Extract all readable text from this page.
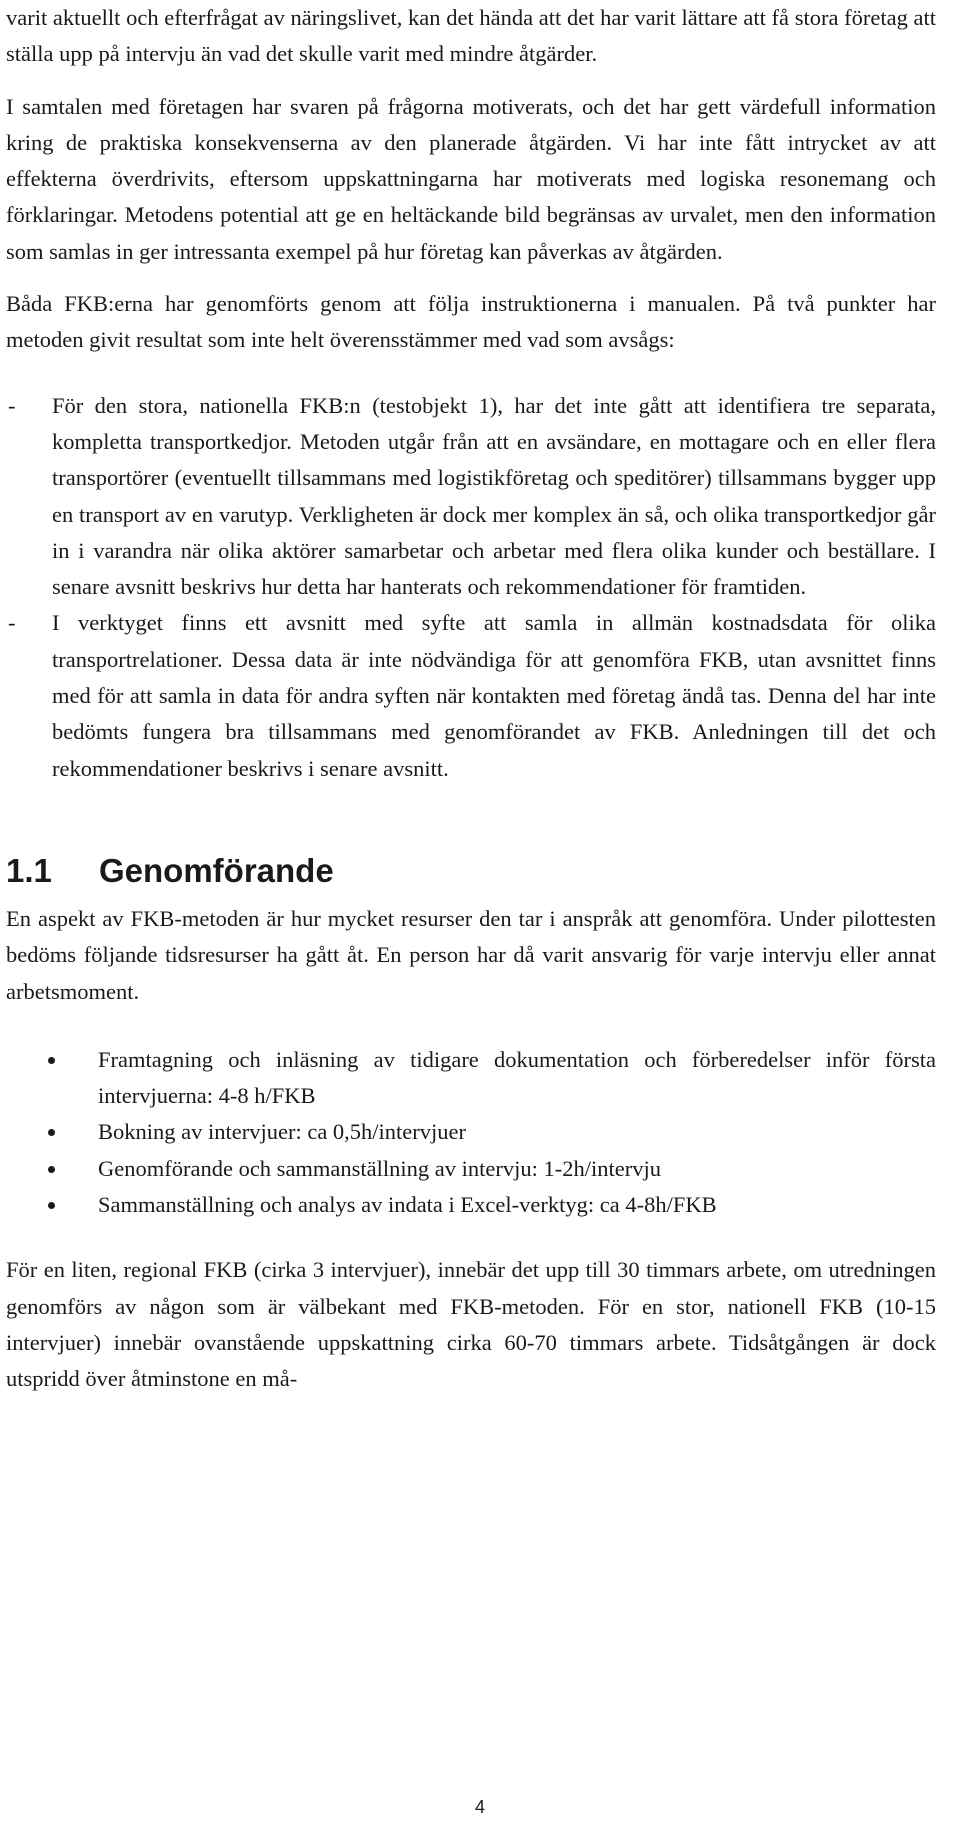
varit aktuellt och efterfrågat av näringslivet, kan det hända att det har varit lättare att få stora företag att ställa upp på intervju än vad det skulle varit med mindre åtgärder.

I samtalen med företagen har svaren på frågorna motiverats, och det har gett värdefull information kring de praktiska konsekvenserna av den planerade åtgärden. Vi har inte fått intrycket av att effekterna överdrivits, eftersom uppskattningarna har motiverats med logiska resonemang och förklaringar. Metodens potential att ge en heltäckande bild begränsas av urvalet, men den information som samlas in ger intressanta exempel på hur företag kan påverkas av åtgärden.

Båda FKB:erna har genomförts genom att följa instruktionerna i manualen. På två punkter har metoden givit resultat som inte helt överensstämmer med vad som avsågs:

- För den stora, nationella FKB:n (testobjekt 1), har det inte gått att identifiera tre separata, kompletta transportkedjor. Metoden utgår från att en avsändare, en mottagare och en eller flera transportörer (eventuellt tillsammans med logistikföretag och speditörer) tillsammans bygger upp en transport av en varutyp. Verkligheten är dock mer komplex än så, och olika transportkedjor går in i varandra när olika aktörer samarbetar och arbetar med flera olika kunder och beställare. I senare avsnitt beskrivs hur detta har hanterats och rekommendationer för framtiden.

- I verktyget finns ett avsnitt med syfte att samla in allmän kostnadsdata för olika transportrelationer. Dessa data är inte nödvändiga för att genomföra FKB, utan avsnittet finns med för att samla in data för andra syften när kontakten med företag ändå tas. Denna del har inte bedömts fungera bra tillsammans med genomförandet av FKB. Anledningen till det och rekommendationer beskrivs i senare avsnitt.

1.1	Genomförande

En aspekt av FKB-metoden är hur mycket resurser den tar i anspråk att genomföra. Under pilottesten bedöms följande tidsresurser ha gått åt. En person har då varit ansvarig för varje intervju eller annat arbetsmoment.

Framtagning och inläsning av tidigare dokumentation och förberedelser inför första intervjuerna: 4-8 h/FKB

Bokning av intervjuer: ca 0,5h/intervjuer

Genomförande och sammanställning av intervju: 1-2h/intervju

Sammanställning och analys av indata i Excel-verktyg: ca 4-8h/FKB

För en liten, regional FKB (cirka 3 intervjuer), innebär det upp till 30 timmars arbete, om utredningen genomförs av någon som är välbekant med FKB-metoden. För en stor, nationell FKB (10-15 intervjuer) innebär ovanstående uppskattning cirka 60-70 timmars arbete. Tidsåtgången är dock utspridd över åtminstone en må-

4
